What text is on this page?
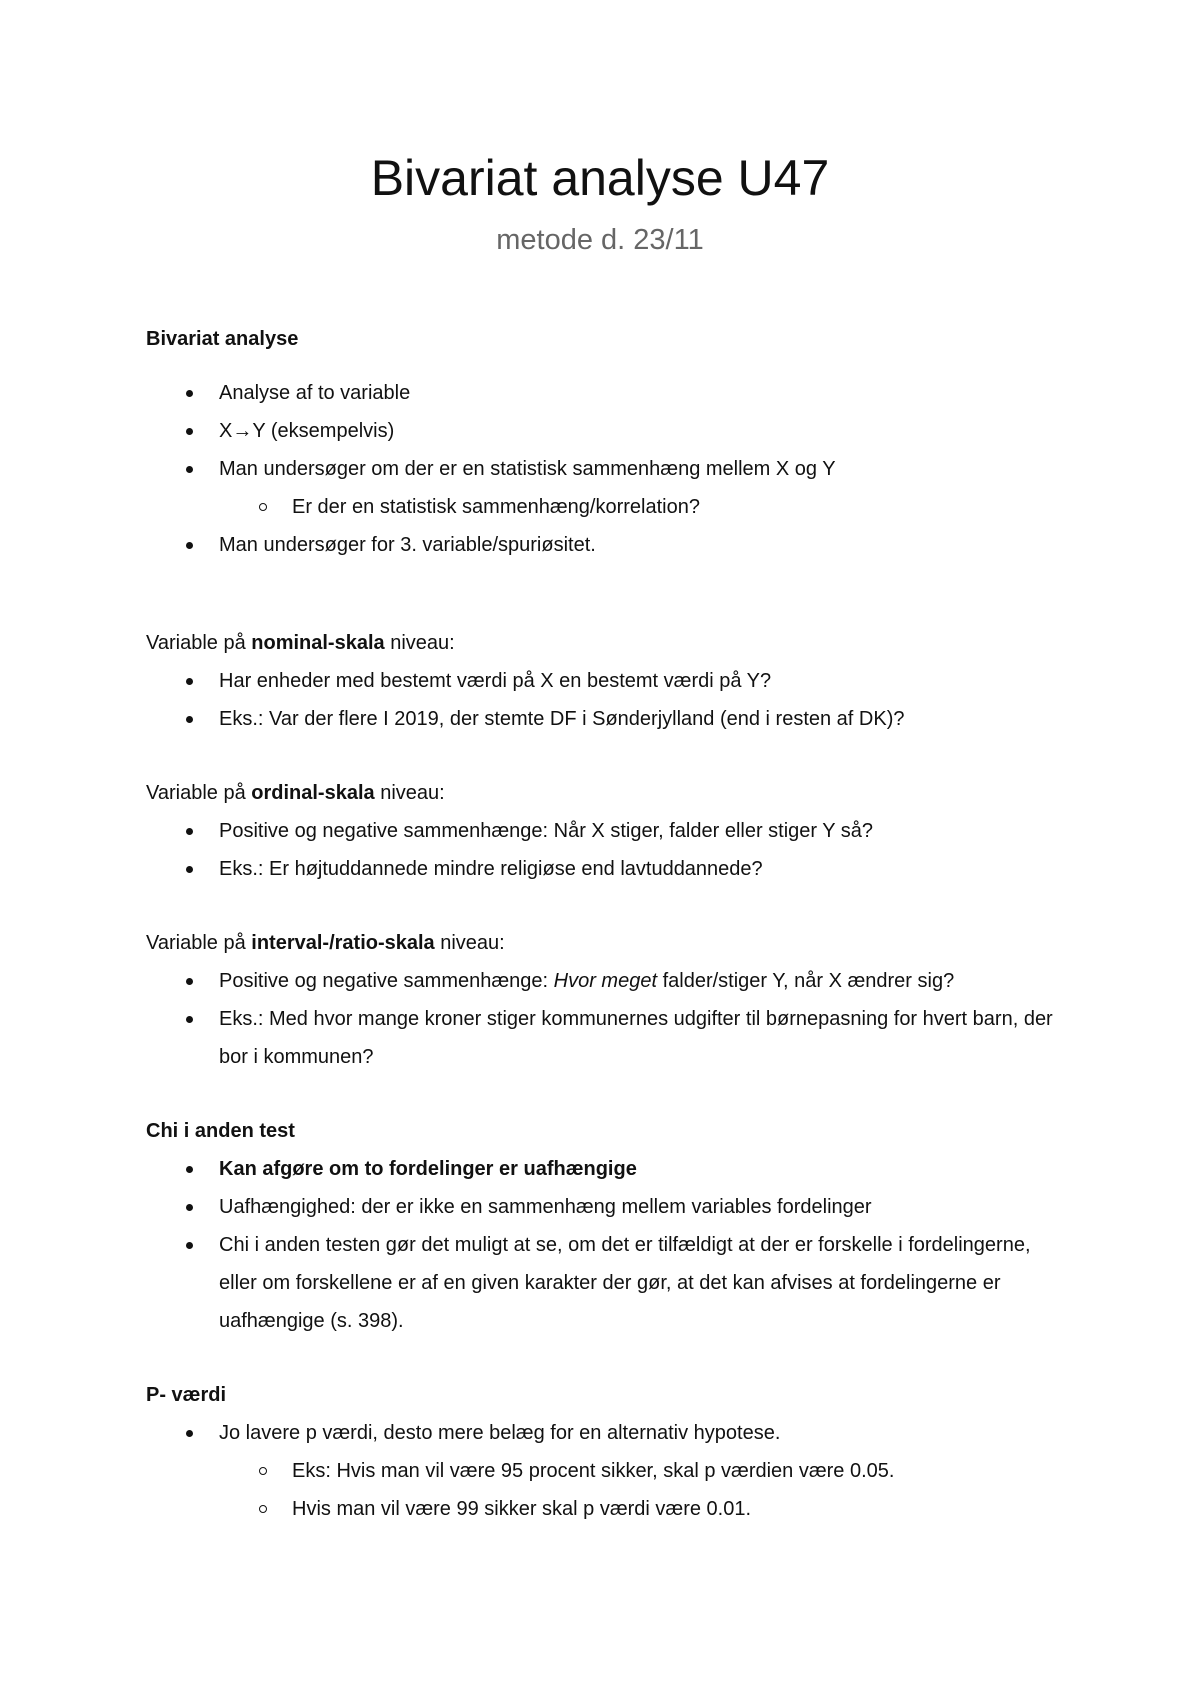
Bivariat analyse U47
metode d. 23/11

Bivariat analyse

Analyse af to variable
X→Y (eksempelvis)
Man undersøger om der er en statistisk sammenhæng mellem X og Y
Er der en statistisk sammenhæng/korrelation?
Man undersøger for 3. variable/spuriøsitet.

Variable på nominal-skala niveau:

Har enheder med bestemt værdi på X en bestemt værdi på Y?
Eks.: Var der flere I 2019, der stemte DF i Sønderjylland (end i resten af DK)?

Variable på ordinal-skala niveau:

Positive og negative sammenhænge: Når X stiger, falder eller stiger Y så?
Eks.: Er højtuddannede mindre religiøse end lavtuddannede?

Variable på interval-/ratio-skala niveau:

Positive og negative sammenhænge: Hvor meget falder/stiger Y, når X ændrer sig?
Eks.: Med hvor mange kroner stiger kommunernes udgifter til børnepasning for hvert barn, der bor i kommunen?

Chi i anden test

Kan afgøre om to fordelinger er uafhængige
Uafhængighed: der er ikke en sammenhæng mellem variables fordelinger
Chi i anden testen gør det muligt at se, om det er tilfældigt at der er forskelle i fordelingerne, eller om forskellene er af en given karakter der gør, at det kan afvises at fordelingerne er uafhængige (s. 398).

P- værdi

Jo lavere p værdi, desto mere belæg for en alternativ hypotese.
Eks: Hvis man vil være 95 procent sikker, skal p værdien være 0.05.
Hvis man vil være 99 sikker skal p værdi være 0.01.
